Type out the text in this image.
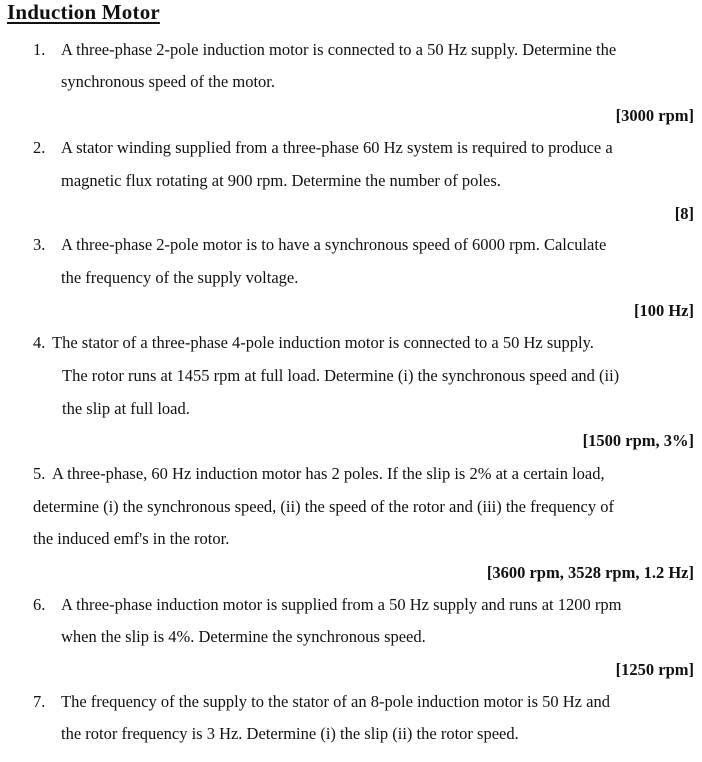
Induction Motor
1. A three-phase 2-pole induction motor is connected to a 50 Hz supply. Determine the
synchronous speed of the motor.
[3000 rpm]
2. A stator winding supplied from a three-phase 60 Hz system is required to produce a
magnetic flux rotating at 900 rpm. Determine the number of poles.
[8]
3. A three-phase 2-pole motor is to have a synchronous speed of 6000 rpm. Calculate
the frequency of the supply voltage.
[100 Hz]
4. The stator of a three-phase 4-pole induction motor is connected to a 50 Hz supply.
The rotor runs at 1455 rpm at full load. Determine (i) the synchronous speed and (ii)
the slip at full load.
[1500 rpm, 3%]
5. A three-phase, 60 Hz induction motor has 2 poles. If the slip is 2% at a certain load,
determine (i) the synchronous speed, (ii) the speed of the rotor and (iii) the frequency of
the induced emf's in the rotor.
[3600 rpm, 3528 rpm, 1.2 Hz]
6. A three-phase induction motor is supplied from a 50 Hz supply and runs at 1200 rpm
when the slip is 4%. Determine the synchronous speed.
[1250 rpm]
7. The frequency of the supply to the stator of an 8-pole induction motor is 50 Hz and
the rotor frequency is 3 Hz. Determine (i) the slip (ii) the rotor speed.
